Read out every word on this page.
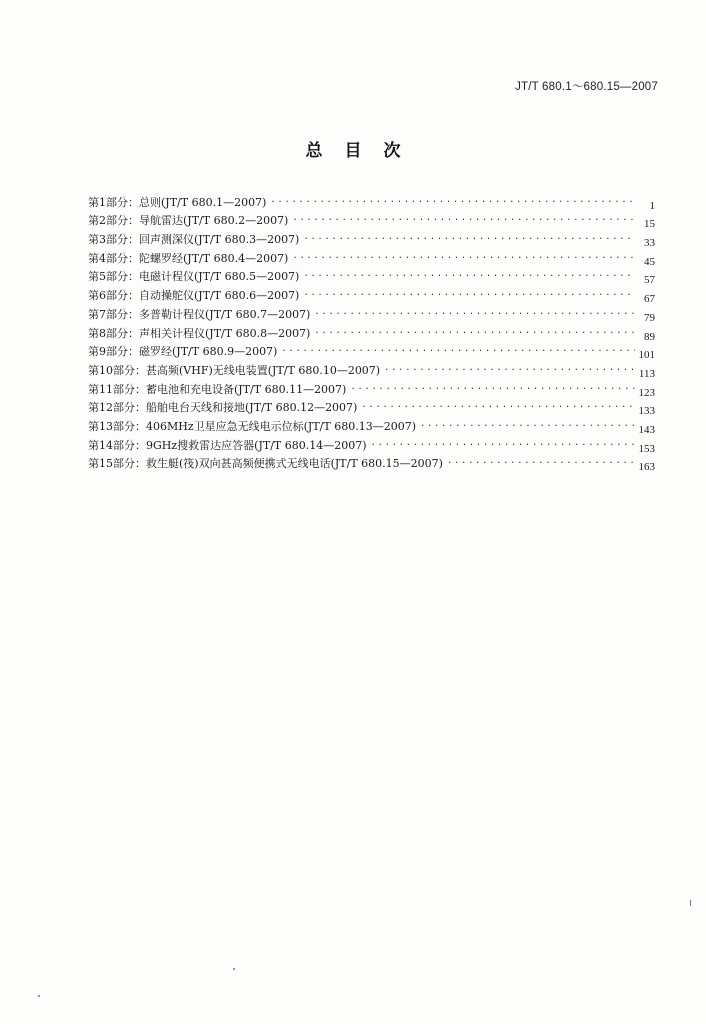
JT/T 680.1～680.15—2007
总目次
第1部分：总则(JT/T 680.1—2007) .....	1
第2部分：导航雷达(JT/T 680.2—2007) .....	15
第3部分：回声测深仪(JT/T 680.3—2007) .....	33
第4部分：陀螺罗经(JT/T 680.4—2007) .....	45
第5部分：电磁计程仪(JT/T 680.5—2007) .....	57
第6部分：自动操舵仪(JT/T 680.6—2007) .....	67
第7部分：多普勒计程仪(JT/T 680.7—2007) .....	79
第8部分：声相关计程仪(JT/T 680.8—2007) .....	89
第9部分：磁罗经(JT/T 680.9—2007) .....	101
第10部分：甚高频(VHF)无线电装置(JT/T 680.10—2007) .....	113
第11部分：蓄电池和充电设备(JT/T 680.11—2007) .....	123
第12部分：船舶电台天线和接地(JT/T 680.12—2007) .....	133
第13部分：406MHz卫星应急无线电示位标(JT/T 680.13—2007) .....	143
第14部分：9GHz搜救雷达应答器(JT/T 680.14—2007) .....	153
第15部分：救生艇(筏)双向甚高频便携式无线电话(JT/T 680.15—2007) .....	163
